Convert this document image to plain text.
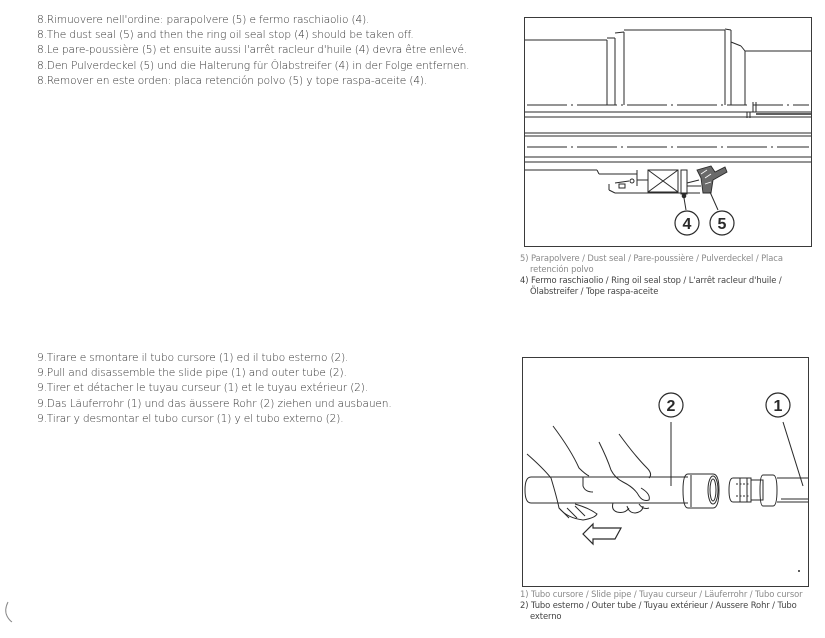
8.Rimuovere nell'ordine: parapolvere (5) e fermo raschiaolio (4).
8.The dust seal (5) and then the ring oil seal stop (4) should be taken off.
8.Le pare-poussière (5) et ensuite aussi l'arrêt racleur d'huile (4) devra être enlevé.
8.Den Pulverdeckel (5) und die Halterung für Ölabstreifer (4) in der Folge entfernen.
8.Remover en este orden: placa retención polvo (5) y tope raspa-aceite (4).
4 5
5) Parapolvere / Dust seal / Pare-poussière / Pulverdeckel / Placa retención polvo
4) Fermo raschiaolio / Ring oil seal stop / L'arrêt racleur d'huile / Ölabstreifer / Tope raspa-aceite
9.Tirare e smontare il tubo cursore (1) ed il tubo esterno (2).
9.Pull and disassemble the slide pipe (1) and outer tube (2).
9.Tirer et détacher le tuyau curseur (1) et le tuyau extérieur (2).
9.Das Läuferrohr (1) und das äussere Rohr (2) ziehen und ausbauen.
9.Tirar y desmontar el tubo cursor (1) y el tubo externo (2).
2	1
1) Tubo cursore / Slide pipe / Tuyau curseur / Läuferrohr / Tubo cursor
2) Tubo esterno / Outer tube / Tuyau extérieur / Aussere Rohr / Tubo externo
